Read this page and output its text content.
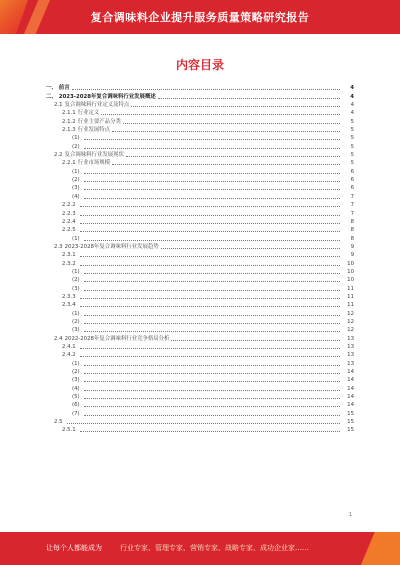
复合调味料企业提升服务质量策略研究报告
内容目录
一、 前言	4
二、 2023-2028年复合调味料行业发展概述	4
2.1 复合调味料行业定义及特点	4
2.1.1 行业定义	4
2.1.2 行业主要产品分类	5
2.1.3 行业发展特点	5
(1)	5
(2)	5
2.2 复合调味料行业发展现状	5
2.2.1 行业市场规模	5
(1)	6
(2)	6
(3)	6
(4)	7
2.2.2	7
2.2.3	7
2.2.4	8
2.2.5	8
(1)	8
2.3 2023-2028年复合调味料行业发展趋势	9
2.3.1	9
2.3.2	10
(1)	10
(2)	10
(3)	11
2.3.3	11
2.3.4	11
(1)	12
(2)	12
(3)	12
2.4 2022-2028年复合调味料行业竞争格局分析	13
2.4.1	13
2.4.2	13
(1)	13
(2)	14
(3)	14
(4)	14
(5)	14
(6)	14
(7)	15
2.5	15
2.5.1	15
1
让每个人都能成为	行业专家、管理专家、营销专家、战略专家、成功企业家……
